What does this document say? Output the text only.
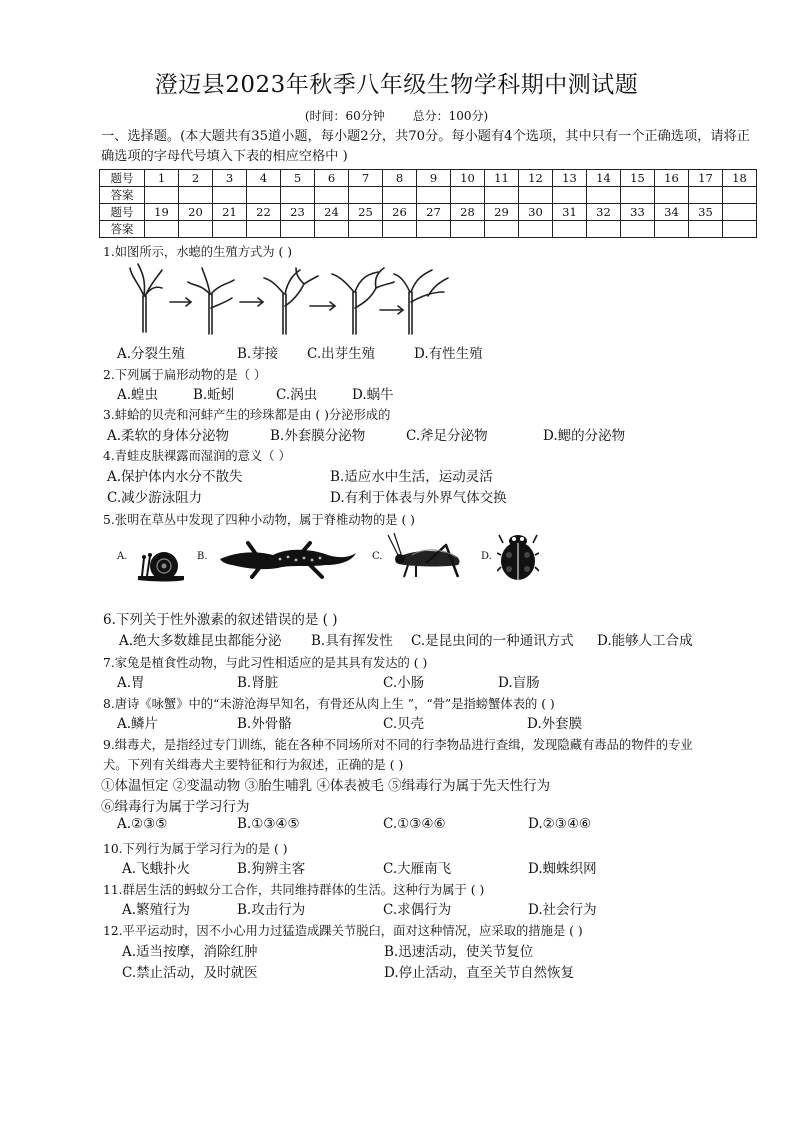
澄迈县2023年秋季八年级生物学科期中测试题
(时间：60分钟 总分：100分)
一、选择题。(本大题共有35道小题，每小题2分，共70分。每小题有4个选项，其中只有一个正确选项，请将正确选项的字母代号填入下表的相应空格中 )
题号	1	2	3	4	5	6	7	8	9	10	11	12	13	14	15	16	17	18
答案																		
题号	19	20	21	22	23	24	25	26	27	28	29	30	31	32	33	34	35	
答案																		
1.如图所示，水螅的生殖方式为 ( )
A.分裂生殖	B.芽接 C.出芽生殖	D.有性生殖
2.下列属于扁形动物的是（ ）
A.蝗虫	B.蚯蚓	C.涡虫	D.蜗牛
3.蚌蛤的贝壳和河蚌产生的珍珠都是由 ( )分泌形成的
A.柔软的身体分泌物	B.外套膜分泌物	C.斧足分泌物	D.鳃的分泌物
4.青蛙皮肤裸露而湿润的意义（ ）
A.保护体内水分不散失	B.适应水中生活，运动灵活
C.减少游泳阻力	D.有利于体表与外界气体交换
5.张明在草丛中发现了四种小动物，属于脊椎动物的是 ( )
A.	B.	C.	D.
6.下列关于性外激素的叙述错误的是 ( )
A.绝大多数雄昆虫都能分泌 B.具有挥发性 C.是昆虫间的一种通讯方式 D.能够人工合成
7.家兔是植食性动物，与此习性相适应的是其具有发达的 ( )
A.胃	B.肾脏	C.小肠	D.盲肠
8.唐诗《咏蟹》中的“未游沧海早知名，有骨还从肉上生 ”，“骨”是指螃蟹体表的 ( )
A.鳞片	B.外骨骼	C.贝壳	D.外套膜
9.缉毒犬，是指经过专门训练，能在各种不同场所对不同的行李物品进行查缉，发现隐藏有毒品的物件的专业
犬。下列有关缉毒犬主要特征和行为叙述，正确的是 ( )
①体温恒定 ②变温动物 ③胎生哺乳 ④体表被毛 ⑤缉毒行为属于先天性行为
⑥缉毒行为属于学习行为
A.②③⑤	B.①③④⑤	C.①③④⑥	D.②③④⑥
10.下列行为属于学习行为的是 ( )
A.飞蛾扑火	B.狗辨主客	C.大雁南飞	D.蜘蛛织网
11.群居生活的蚂蚁分工合作，共同维持群体的生活。这种行为属于 ( )
A.繁殖行为	B.攻击行为	C.求偶行为	D.社会行为
12.平平运动时，因不小心用力过猛造成踝关节脱臼，面对这种情况，应采取的措施是 ( )
A.适当按摩，消除红肿	B.迅速活动，使关节复位
C.禁止活动，及时就医	D.停止活动，直至关节自然恢复
